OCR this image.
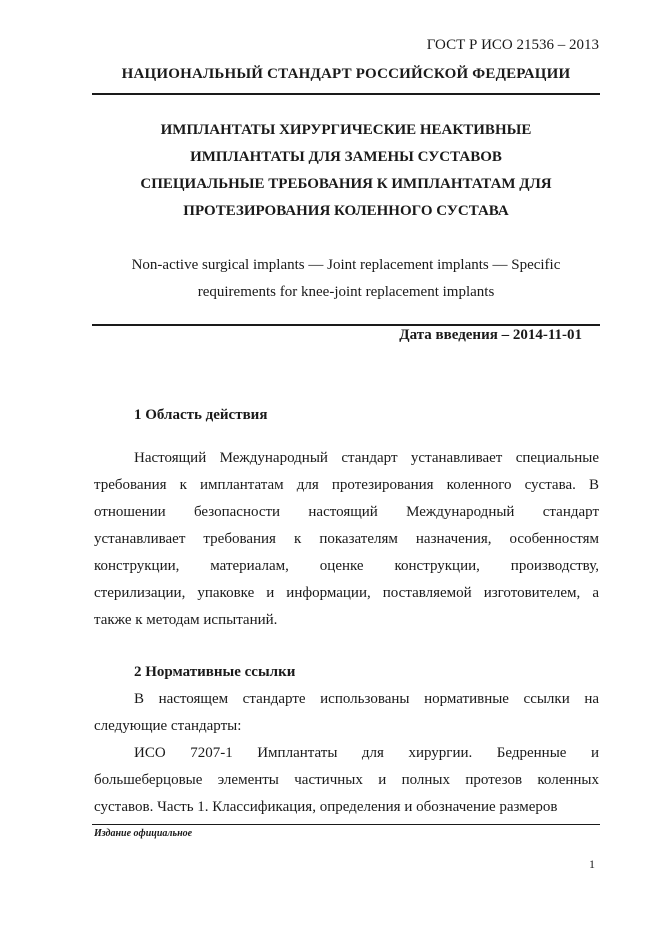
ГОСТ Р ИСО 21536 – 2013
НАЦИОНАЛЬНЫЙ СТАНДАРТ РОССИЙСКОЙ ФЕДЕРАЦИИ
ИМПЛАНТАТЫ ХИРУРГИЧЕСКИЕ НЕАКТИВНЫЕ
ИМПЛАНТАТЫ ДЛЯ ЗАМЕНЫ СУСТАВОВ
СПЕЦИАЛЬНЫЕ ТРЕБОВАНИЯ К ИМПЛАНТАТАМ ДЛЯ
ПРОТЕЗИРОВАНИЯ КОЛЕННОГО СУСТАВА
Non-active surgical implants — Joint replacement implants — Specific
requirements for knee-joint replacement implants
Дата введения – 2014-11-01
1 Область действия
Настоящий Международный стандарт устанавливает специальные
требования к имплантатам для протезирования коленного сустава. В
отношении безопасности настоящий Международный стандарт
устанавливает требования к показателям назначения, особенностям
конструкции, материалам, оценке конструкции, производству,
стерилизации, упаковке и информации, поставляемой изготовителем, а
также к методам испытаний.
2 Нормативные ссылки
В настоящем стандарте использованы нормативные ссылки на
следующие стандарты:
ИСО 7207-1 Имплантаты для хирургии. Бедренные и
большеберцовые элементы частичных и полных протезов коленных
суставов. Часть 1. Классификация, определения и обозначение размеров
Издание официальное
1
